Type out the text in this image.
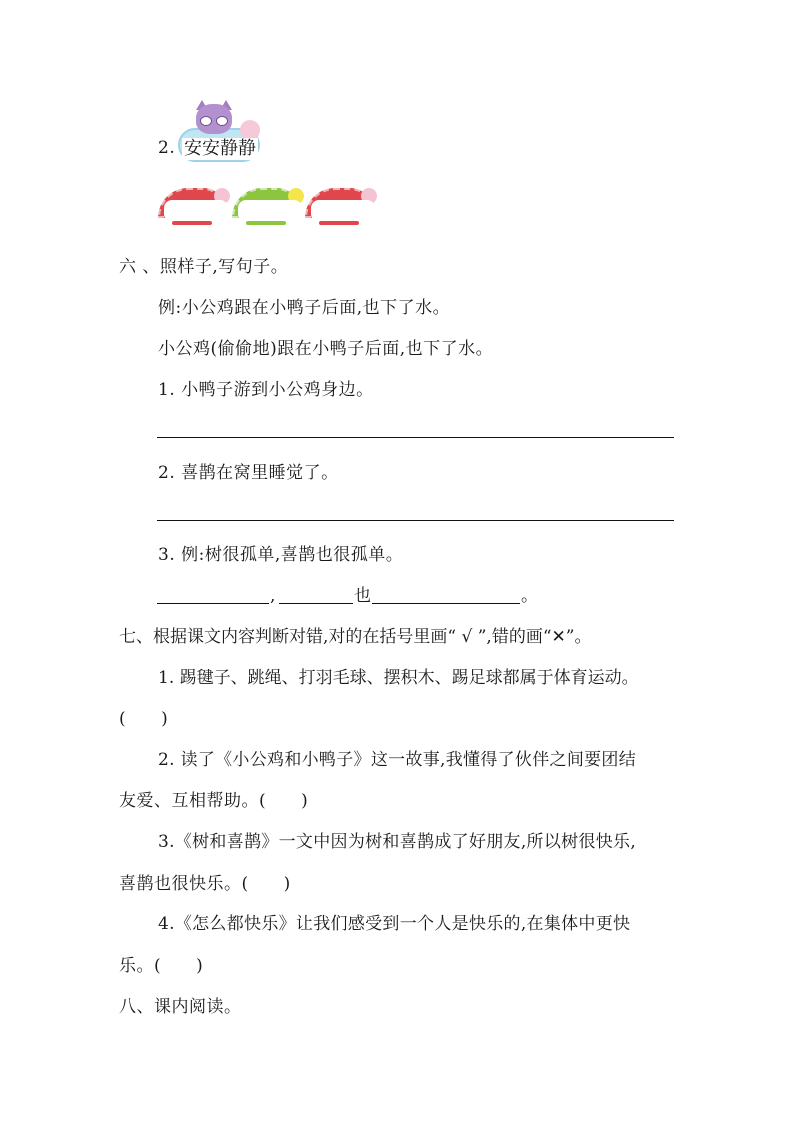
2. 安安静静
六 、照样子,写句子。
例:小公鸡跟在小鸭子后面,也下了水。
小公鸡(偷偷地)跟在小鸭子后面,也下了水。
1. 小鸭子游到小公鸡身边。
2. 喜鹊在窝里睡觉了。
3. 例:树很孤单,喜鹊也很孤单。
,	也	。
七、根据课文内容判断对错,对的在括号里画“ √ ”,错的画“✕”。
1. 踢毽子、跳绳、打羽毛球、摆积木、踢足球都属于体育运动。
(　　)
2. 读了《小公鸡和小鸭子》这一故事,我懂得了伙伴之间要团结
友爱、互相帮助。(　　)
3.《树和喜鹊》一文中因为树和喜鹊成了好朋友,所以树很快乐,
喜鹊也很快乐。(　　)
4.《怎么都快乐》让我们感受到一个人是快乐的,在集体中更快
乐。(　　)
八、课内阅读。
